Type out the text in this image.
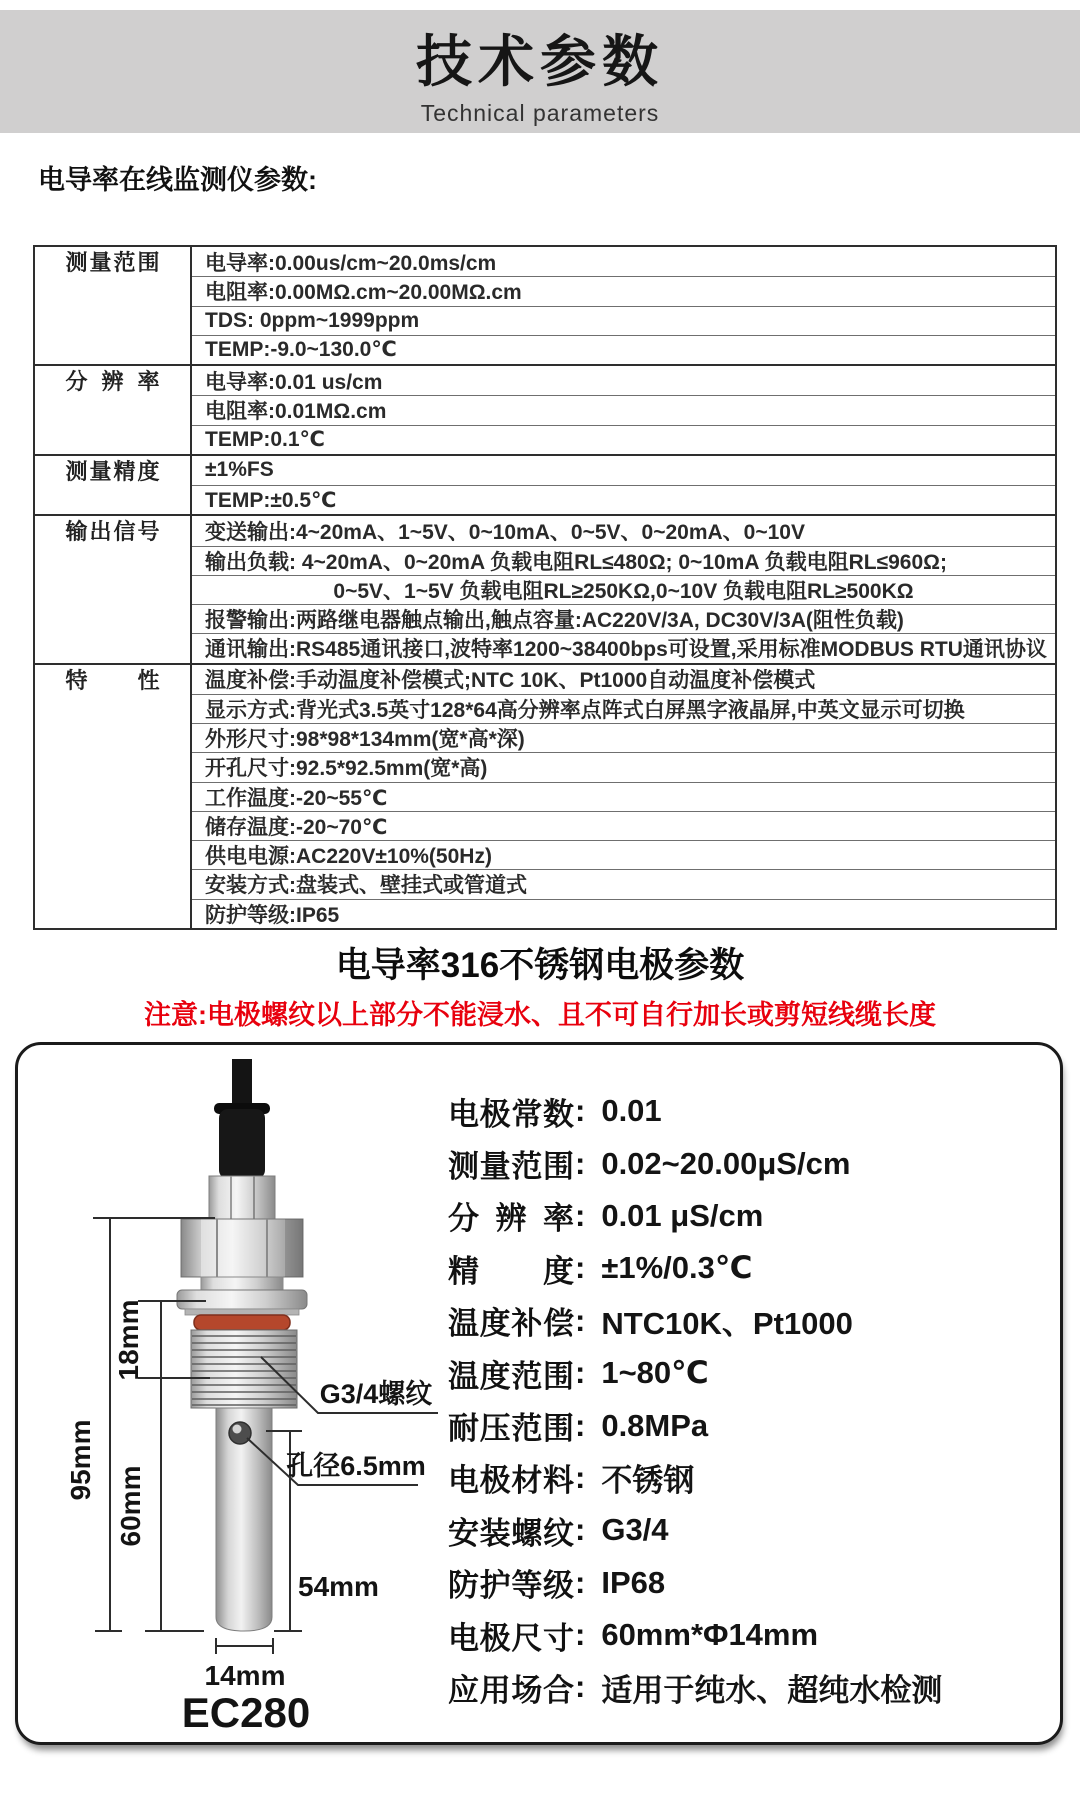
技术参数
Technical parameters
电导率在线监测仪参数:
测量范围	电导率:0.00us/cm~20.0ms/cm
电阻率:0.00MΩ.cm~20.00MΩ.cm
TDS: 0ppm~1999ppm
TEMP:-9.0~130.0℃
分辨率	电导率:0.01 us/cm
电阻率:0.01MΩ.cm
TEMP:0.1℃
测量精度	±1%FS
TEMP:±0.5℃
输出信号	变送输出:4~20mA、1~5V、0~10mA、0~5V、0~20mA、0~10V
输出负载: 4~20mA、0~20mA 负载电阻RL≤480Ω; 0~10mA 负载电阻RL≤960Ω;
0~5V、1~5V 负载电阻RL≥250KΩ,0~10V 负载电阻RL≥500KΩ
报警输出:两路继电器触点输出,触点容量:AC220V/3A, DC30V/3A(阻性负载)
通讯输出:RS485通讯接口,波特率1200~38400bps可设置,采用标准MODBUS RTU通讯协议
特性	温度补偿:手动温度补偿模式;NTC 10K、Pt1000自动温度补偿模式
显示方式:背光式3.5英寸128*64高分辨率点阵式白屏黑字液晶屏,中英文显示可切换
外形尺寸:98*98*134mm(宽*高*深)
开孔尺寸:92.5*92.5mm(宽*高)
工作温度:-20~55℃
储存温度:-20~70℃
供电电源:AC220V±10%(50Hz)
安装方式:盘装式、壁挂式或管道式
防护等级:IP65
电导率316不锈钢电极参数
注意:电极螺纹以上部分不能浸水、且不可自行加长或剪短线缆长度
95mm
18mm
60mm
54mm
14mm
G3/4螺纹
孔径6.5mm
EC280
电极常数 : 0.01
测量范围 : 0.02~20.00μS/cm
分辨率 : 0.01 μS/cm
精度 : ±1%/0.3℃
温度补偿 : NTC10K、Pt1000
温度范围 : 1~80℃
耐压范围 : 0.8MPa
电极材料 : 不锈钢
安装螺纹 : G3/4
防护等级 : IP68
电极尺寸 : 60mm*Φ14mm
应用场合 : 适用于纯水、超纯水检测
